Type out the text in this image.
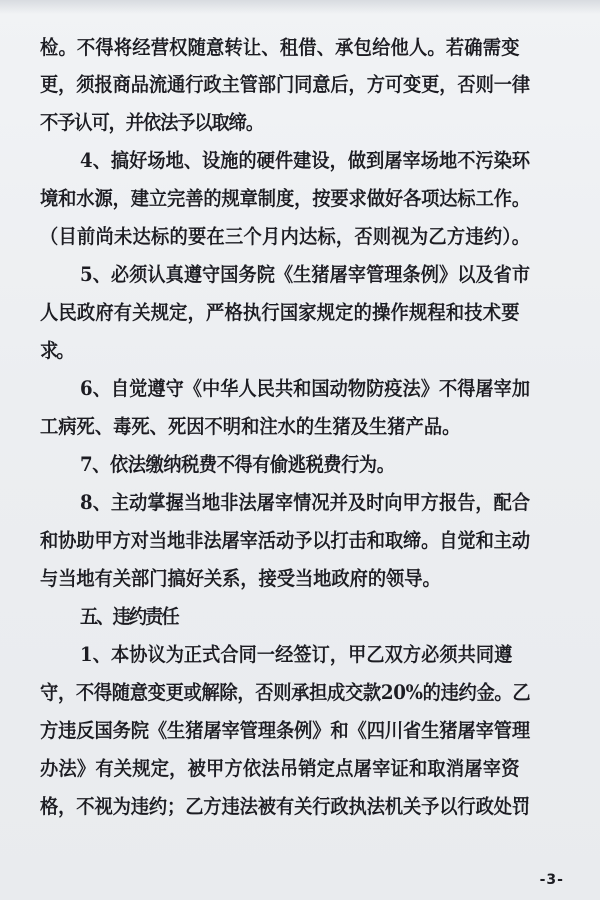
检。不得将经营权随意转让、租借、承包给他人。若确需变
更，须报商品流通行政主管部门同意后，方可变更，否则一律
不予认可，并依法予以取缔。
4、搞好场地、设施的硬件建设，做到屠宰场地不污染环
境和水源，建立完善的规章制度，按要求做好各项达标工作。
（目前尚未达标的要在三个月内达标，否则视为乙方违约）。
5、必须认真遵守国务院《生猪屠宰管理条例》以及省市
人民政府有关规定，严格执行国家规定的操作规程和技术要
求。
6、自觉遵守《中华人民共和国动物防疫法》不得屠宰加
工病死、毒死、死因不明和注水的生猪及生猪产品。
7、依法缴纳税费不得有偷逃税费行为。
8、主动掌握当地非法屠宰情况并及时向甲方报告，配合
和协助甲方对当地非法屠宰活动予以打击和取缔。自觉和主动
与当地有关部门搞好关系，接受当地政府的领导。
五、违约责任
1、本协议为正式合同一经签订，甲乙双方必须共同遵
守，不得随意变更或解除，否则承担成交款20%的违约金。乙
方违反国务院《生猪屠宰管理条例》和《四川省生猪屠宰管理
办法》有关规定，被甲方依法吊销定点屠宰证和取消屠宰资
格，不视为违约；乙方违法被有关行政执法机关予以行政处罚
-3-
